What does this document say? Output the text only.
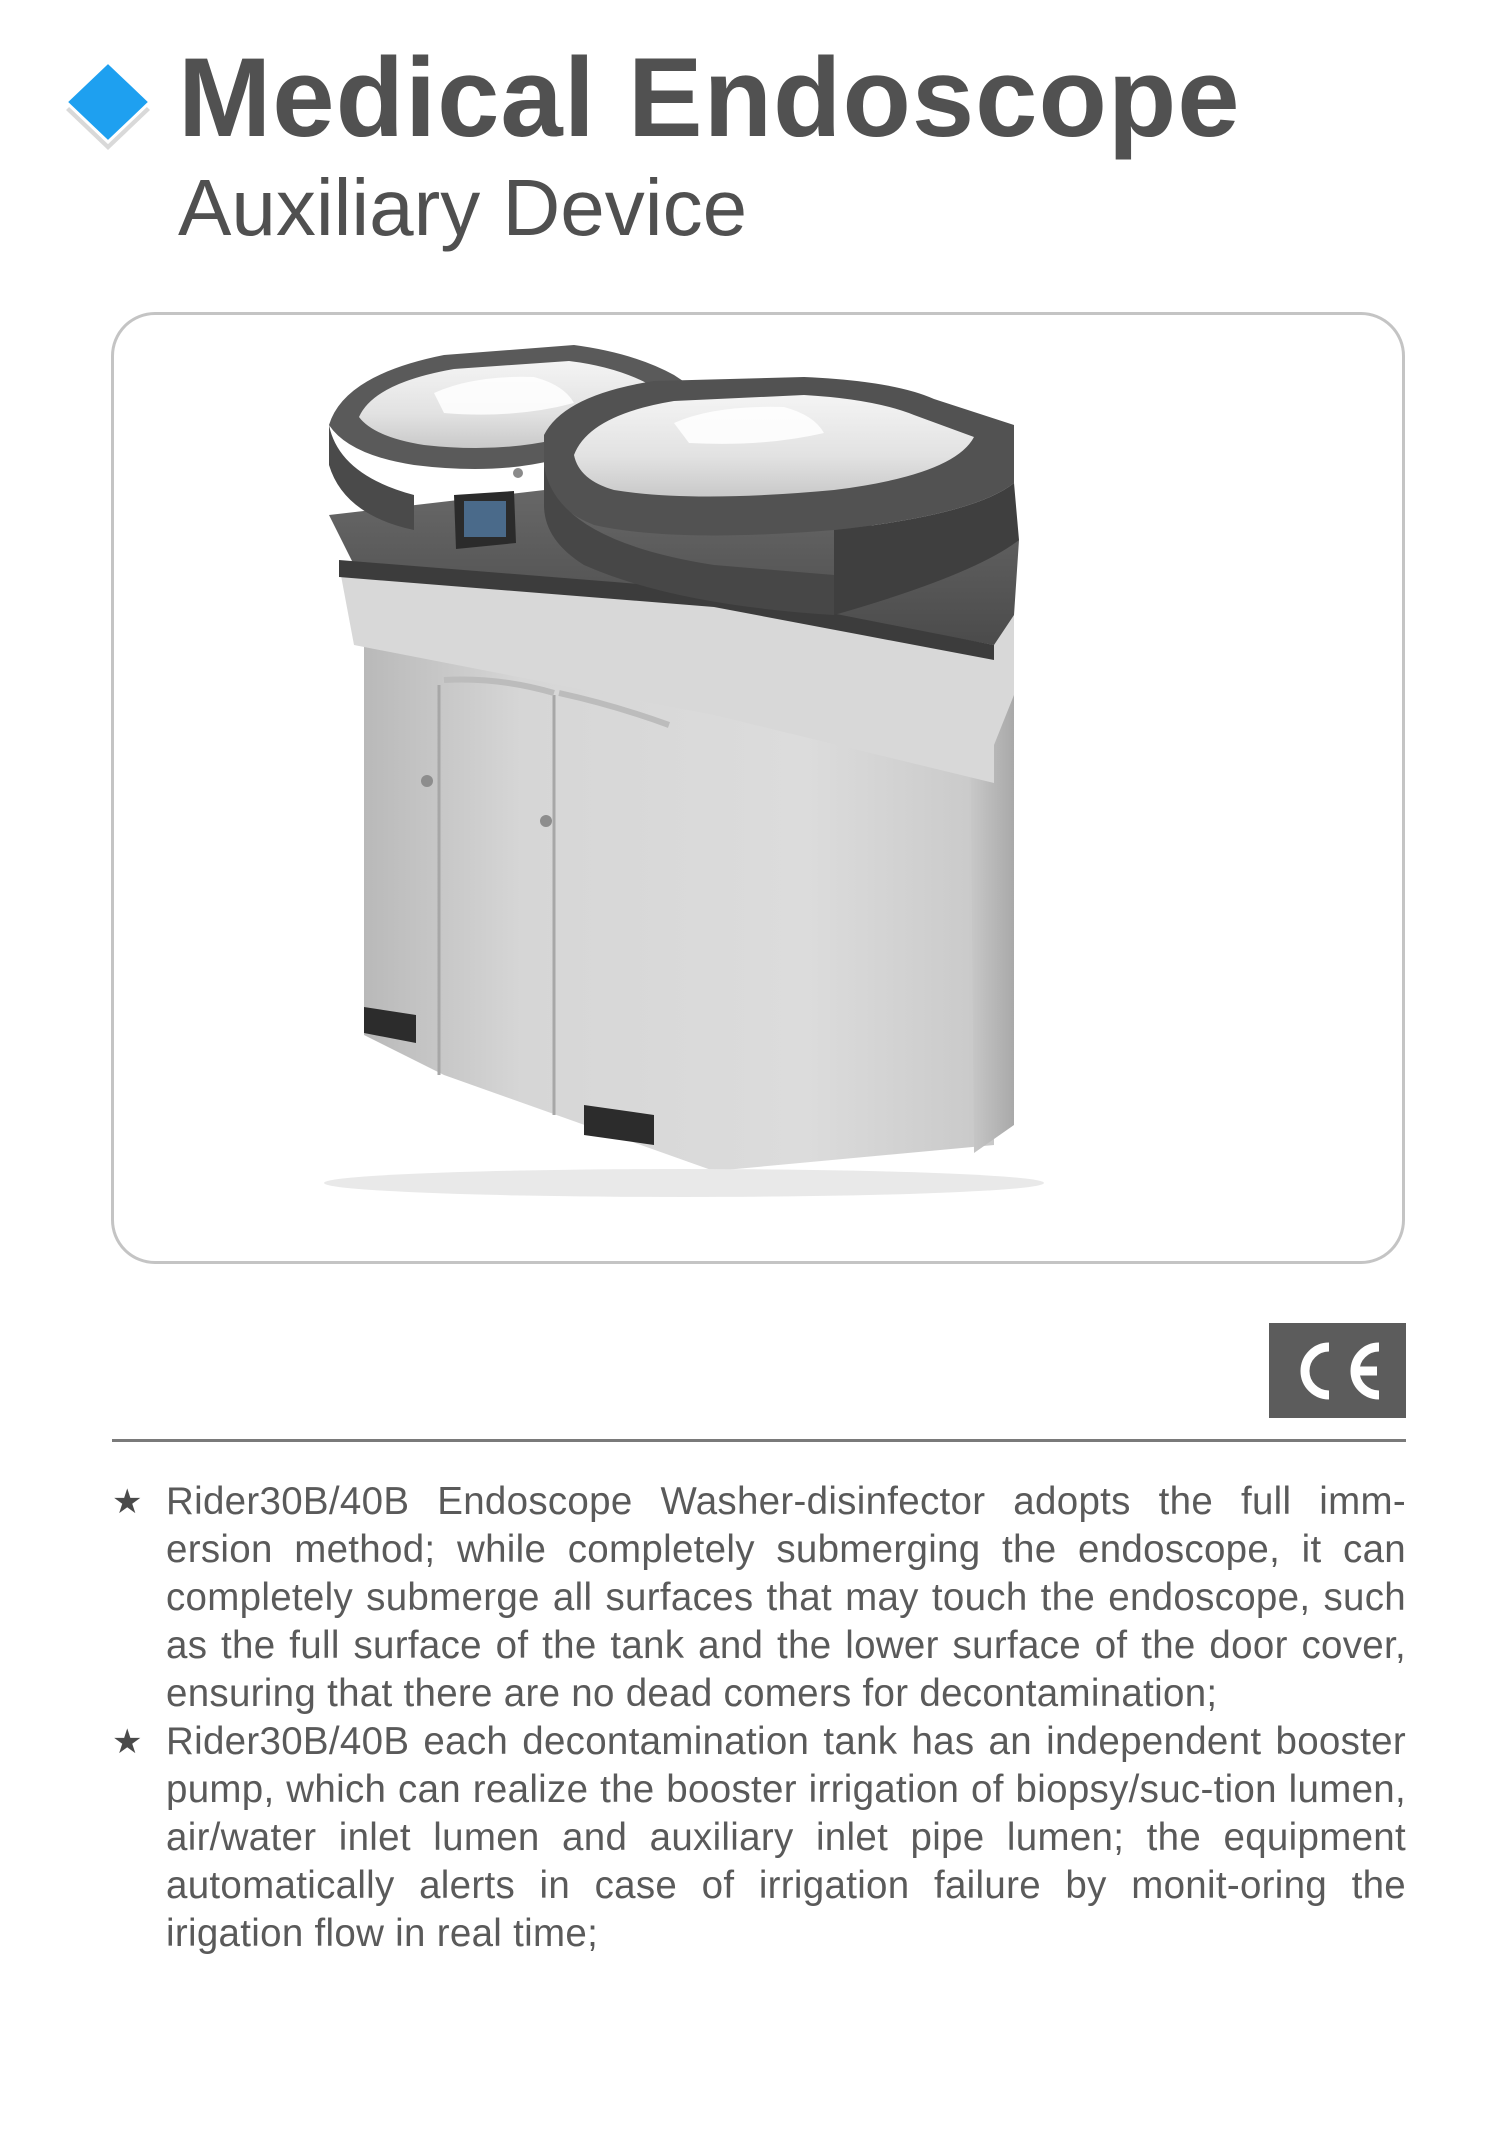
Medical Endoscope
Auxiliary Device
★ Rider30B/40B Endoscope Washer-disinfector adopts the full imm-ersion method; while completely submerging the endoscope, it can completely submerge all surfaces that may touch the endoscope, such as the full surface of the tank and the lower surface of the door cover, ensuring that there are no dead comers for decontamination;
★ Rider30B/40B each decontamination tank has an independent booster pump, which can realize the booster irrigation of biopsy/suc-tion lumen, air/water inlet lumen and auxiliary inlet pipe lumen; the equipment automatically alerts in case of irrigation failure by monit-oring the irigation flow in real time;
